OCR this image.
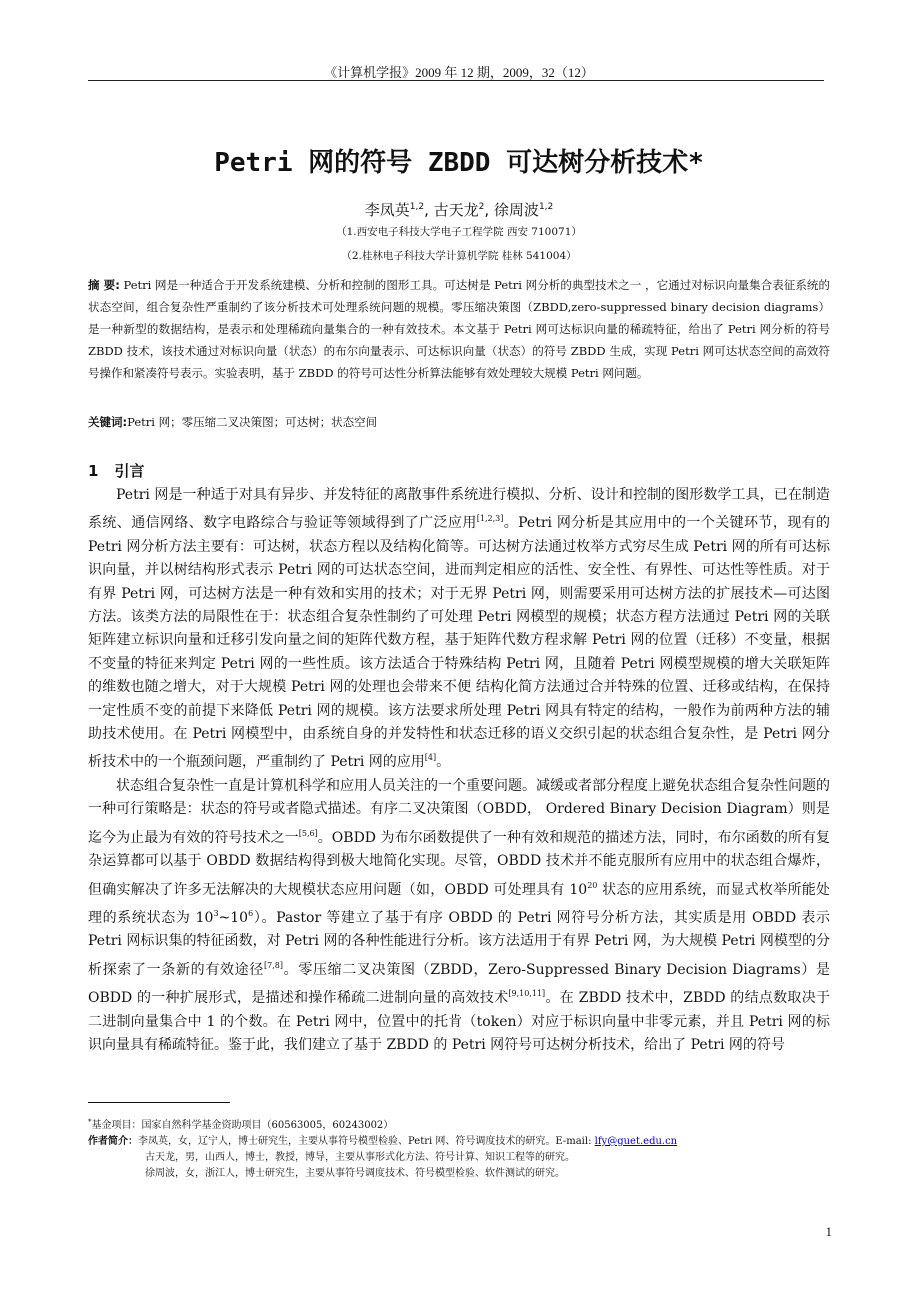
《计算机学报》2009 年 12 期，2009，32（12）
Petri 网的符号 ZBDD 可达树分析技术*
李凤英$^{1,2}$, 古天龙$^2$, 徐周波$^{1,2}$
（1.西安电子科技大学电子工程学院 西安 710071）
（2.桂林电子科技大学计算机学院 桂林 541004）
摘 要: Petri 网是一种适合于开发系统建模、分析和控制的图形工具。可达树是 Petri 网分析的典型技术之一 ，它通过对标识向量集合表征系统的状态空间，组合复杂性严重制约了该分析技术可处理系统问题的规模。零压缩决策图（ZBDD,zero-suppressed binary decision diagrams）是一种新型的数据结构，是表示和处理稀疏向量集合的一种有效技术。本文基于 Petri 网可达标识向量的稀疏特征，给出了 Petri 网分析的符号 ZBDD 技术，该技术通过对标识向量（状态）的布尔向量表示、可达标识向量（状态）的符号 ZBDD 生成，实现 Petri 网可达状态空间的高效符号操作和紧凑符号表示。实验表明，基于 ZBDD 的符号可达性分析算法能够有效处理较大规模 Petri 网问题。
关键词:Petri 网；零压缩二叉决策图；可达树；状态空间
1 引言

Petri 网是一种适于对具有异步、并发特征的离散事件系统进行模拟、分析、设计和控制的图形数学工具，已在制造系统、通信网络、数字电路综合与验证等领域得到了广泛应用[1,2,3]。Petri 网分析是其应用中的一个关键环节，现有的 Petri 网分析方法主要有：可达树，状态方程以及结构化简等。可达树方法通过枚举方式穷尽生成 Petri 网的所有可达标识向量，并以树结构形式表示 Petri 网的可达状态空间，进而判定相应的活性、安全性、有界性、可达性等性质。对于有界 Petri 网，可达树方法是一种有效和实用的技术；对于无界 Petri 网，则需要采用可达树方法的扩展技术—可达图方法。该类方法的局限性在于：状态组合复杂性制约了可处理 Petri 网模型的规模；状态方程方法通过 Petri 网的关联矩阵建立标识向量和迁移引发向量之间的矩阵代数方程，基于矩阵代数方程求解 Petri 网的位置（迁移）不变量，根据不变量的特征来判定 Petri 网的一些性质。该方法适合于特殊结构 Petri 网，且随着 Petri 网模型规模的增大关联矩阵的维数也随之增大，对于大规模 Petri 网的处理也会带来不便 结构化简方法通过合并特殊的位置、迁移或结构，在保持一定性质不变的前提下来降低 Petri 网的规模。该方法要求所处理 Petri 网具有特定的结构，一般作为前两种方法的辅助技术使用。在 Petri 网模型中，由系统自身的并发特性和状态迁移的语义交织引起的状态组合复杂性，是 Petri 网分析技术中的一个瓶颈问题，严重制约了 Petri 网的应用[4]。

状态组合复杂性一直是计算机科学和应用人员关注的一个重要问题。减缓或者部分程度上避免状态组合复杂性问题的一种可行策略是：状态的符号或者隐式描述。有序二叉决策图（OBDD， Ordered Binary Decision Diagram）则是迄今为止最为有效的符号技术之一[5,6]。OBDD 为布尔函数提供了一种有效和规范的描述方法，同时，布尔函数的所有复杂运算都可以基于 OBDD 数据结构得到极大地简化实现。尽管，OBDD 技术并不能克服所有应用中的状态组合爆炸，但确实解决了许多无法解决的大规模状态应用问题（如，OBDD 可处理具有 $10^{20}$ 状态的应用系统，而显式枚举所能处理的系统状态为 $10^3\sim 10^6$）。Pastor 等建立了基于有序 OBDD 的 Petri 网符号分析方法，其实质是用 OBDD 表示 Petri 网标识集的特征函数，对 Petri 网的各种性能进行分析。该方法适用于有界 Petri 网，为大规模 Petri 网模型的分析探索了一条新的有效途径[7,8]。零压缩二叉决策图（ZBDD，Zero-Suppressed Binary Decision Diagrams）是 OBDD 的一种扩展形式，是描述和操作稀疏二进制向量的高效技术[9,10,11]。在 ZBDD 技术中，ZBDD 的结点数取决于二进制向量集合中 1 的个数。在 Petri 网中，位置中的托肯（token）对应于标识向量中非零元素，并且 Petri 网的标识向量具有稀疏特征。鉴于此，我们建立了基于 ZBDD 的 Petri 网符号可达树分析技术，给出了 Petri 网的符号

*基金项目：国家自然科学基金资助项目（60563005，60243002）
作者简介：李凤英，女，辽宁人，博士研究生，主要从事符号模型检验、Petri 网、符号调度技术的研究。E-mail: lfy@guet.edu.cn
古天龙，男，山西人，博士，教授，博导，主要从事形式化方法、符号计算、知识工程等的研究。
徐周波，女，浙江人，博士研究生，主要从事符号调度技术、符号模型检验、软件测试的研究。
1
